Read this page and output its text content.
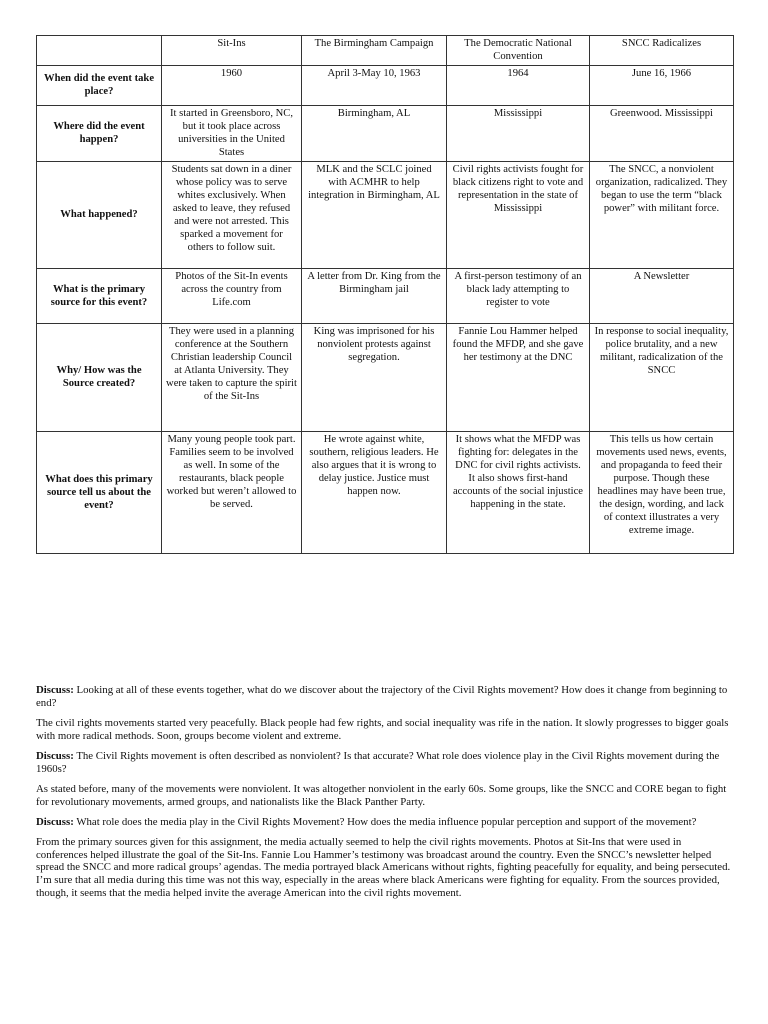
	Sit-Ins	The Birmingham Campaign	The Democratic National Convention	SNCC Radicalizes
When did the event take place?	1960	April 3-May 10, 1963	1964	June 16, 1966
Where did the event happen?	It started in Greensboro, NC, but it took place across universities in the United States	Birmingham, AL	Mississippi	Greenwood. Mississippi
What happened?	Students sat down in a diner whose policy was to serve whites exclusively. When asked to leave, they refused and were not arrested. This sparked a movement for others to follow suit.	MLK and the SCLC joined with ACMHR to help integration in Birmingham, AL	Civil rights activists fought for black citizens right to vote and representation in the state of Mississippi	The SNCC, a nonviolent organization, radicalized. They began to use the term “black power” with militant force.
What is the primary source for this event?	Photos of the Sit-In events across the country from Life.com	A letter from Dr. King from the Birmingham jail	A first-person testimony of an black lady attempting to register to vote	A Newsletter
Why/ How was the Source created?	They were used in a planning conference at the Southern Christian leadership Council at Atlanta University. They were taken to capture the spirit of the Sit-Ins	King was imprisoned for his nonviolent protests against segregation.	Fannie Lou Hammer helped found the MFDP, and she gave her testimony at the DNC	In response to social inequality, police brutality, and a new militant, radicalization of the SNCC
What does this primary source tell us about the event?	Many young people took part. Families seem to be involved as well. In some of the restaurants, black people worked but weren’t allowed to be served.	He wrote against white, southern, religious leaders. He also argues that it is wrong to delay justice. Justice must happen now.	It shows what the MFDP was fighting for: delegates in the DNC for civil rights activists. It also shows first-hand accounts of the social injustice happening in the state.	This tells us how certain movements used news, events, and propaganda to feed their purpose. Though these headlines may have been true, the design, wording, and lack of context illustrates a very extreme image.

Discuss: Looking at all of these events together, what do we discover about the trajectory of the Civil Rights movement? How does it change from beginning to end?

The civil rights movements started very peacefully. Black people had few rights, and social inequality was rife in the nation. It slowly progresses to bigger goals with more radical methods. Soon, groups become violent and extreme.

Discuss: The Civil Rights movement is often described as nonviolent? Is that accurate? What role does violence play in the Civil Rights movement during the 1960s?

As stated before, many of the movements were nonviolent. It was altogether nonviolent in the early 60s. Some groups, like the SNCC and CORE began to fight for revolutionary movements, armed groups, and nationalists like the Black Panther Party.

Discuss: What role does the media play in the Civil Rights Movement? How does the media influence popular perception and support of the movement?

From the primary sources given for this assignment, the media actually seemed to help the civil rights movements. Photos at Sit-Ins that were used in conferences helped illustrate the goal of the Sit-Ins. Fannie Lou Hammer’s testimony was broadcast around the country. Even the SNCC’s newsletter helped spread the SNCC and more radical groups’ agendas. The media portrayed black Americans without rights, fighting peacefully for equality, and being persecuted. I’m sure that all media during this time was not this way, especially in the areas where black Americans were fighting for equality. From the sources provided, though, it seems that the media helped invite the average American into the civil rights movement.
